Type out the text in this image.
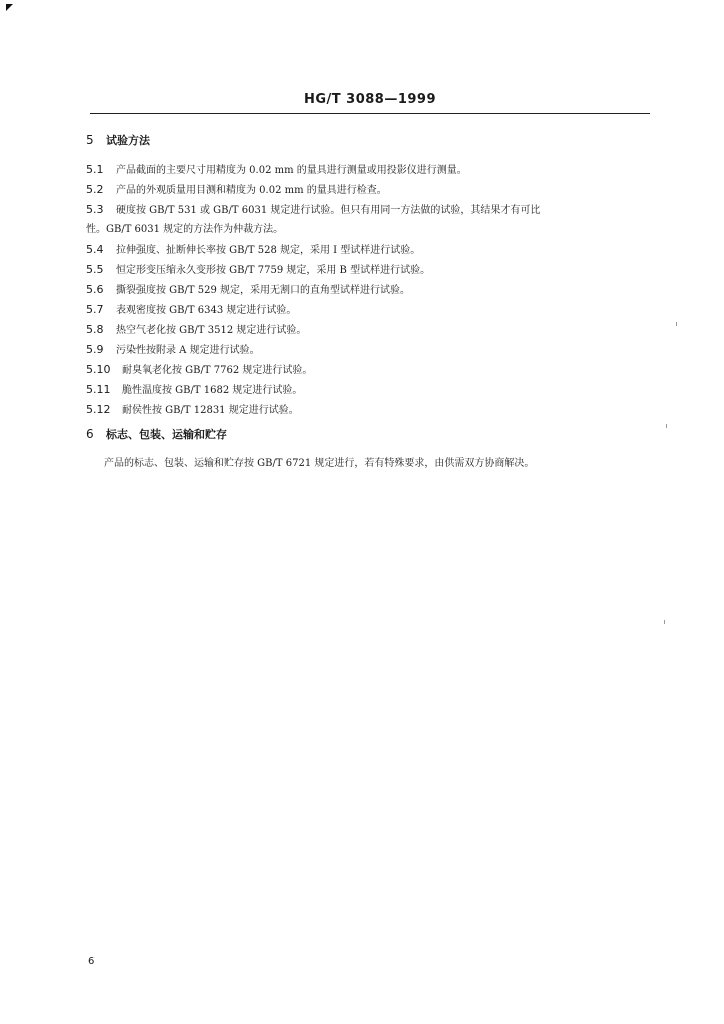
HG/T 3088—1999
5 试验方法
5.1 产品截面的主要尺寸用精度为 0.02 mm 的量具进行测量或用投影仪进行测量。
5.2 产品的外观质量用目测和精度为 0.02 mm 的量具进行检查。
5.3 硬度按 GB/T 531 或 GB/T 6031 规定进行试验。但只有用同一方法做的试验，其结果才有可比
性。GB/T 6031 规定的方法作为仲裁方法。
5.4 拉伸强度、扯断伸长率按 GB/T 528 规定，采用 I 型试样进行试验。
5.5 恒定形变压缩永久变形按 GB/T 7759 规定，采用 B 型试样进行试验。
5.6 撕裂强度按 GB/T 529 规定，采用无割口的直角型试样进行试验。
5.7 表观密度按 GB/T 6343 规定进行试验。
5.8 热空气老化按 GB/T 3512 规定进行试验。
5.9 污染性按附录 A 规定进行试验。
5.10 耐臭氧老化按 GB/T 7762 规定进行试验。
5.11 脆性温度按 GB/T 1682 规定进行试验。
5.12 耐侯性按 GB/T 12831 规定进行试验。
6 标志、包装、运输和贮存
产品的标志、包装、运输和贮存按 GB/T 6721 规定进行，若有特殊要求，由供需双方协商解决。
6
